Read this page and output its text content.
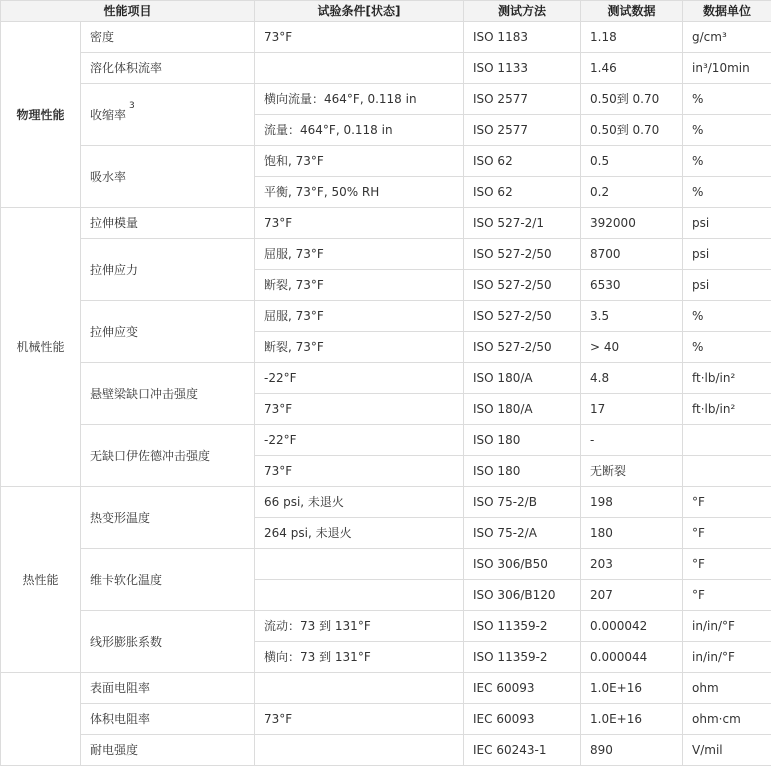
性能项目		试验条件[状态]	测试方法	测试数据	数据单位
物理性能	密度	73°F	ISO 1183	1.18	g/cm³
	溶化体积流率		ISO 1133	1.46	in³/10min
	收缩率$^3$	横向流量：464°F, 0.118 in	ISO 2577	0.50到 0.70	%
		流量：464°F, 0.118 in	ISO 2577	0.50到 0.70	%
	吸水率	饱和, 73°F	ISO 62	0.5	%
		平衡, 73°F, 50% RH	ISO 62	0.2	%
机械性能	拉伸模量	73°F	ISO 527-2/1	392000	psi
	拉伸应力	屈服, 73°F	ISO 527-2/50	8700	psi
		断裂, 73°F	ISO 527-2/50	6530	psi
	拉伸应变	屈服, 73°F	ISO 527-2/50	3.5	%
		断裂, 73°F	ISO 527-2/50	> 40	%
	悬壁梁缺口冲击强度	-22°F	ISO 180/A	4.8	ft·lb/in²
		73°F	ISO 180/A	17	ft·lb/in²
	无缺口伊佐德冲击强度	-22°F	ISO 180	-	
		73°F	ISO 180	无断裂	
热性能	热变形温度	66 psi, 未退火	ISO 75-2/B	198	°F
		264 psi, 未退火	ISO 75-2/A	180	°F
	维卡软化温度		ISO 306/B50	203	°F
			ISO 306/B120	207	°F
	线形膨胀系数	流动：73 到 131°F	ISO 11359-2	0.000042	in/in/°F
		横向：73 到 131°F	ISO 11359-2	0.000044	in/in/°F
	表面电阻率		IEC 60093	1.0E+16	ohm
	体积电阻率	73°F	IEC 60093	1.0E+16	ohm·cm
	耐电强度		IEC 60243-1	890	V/mil
